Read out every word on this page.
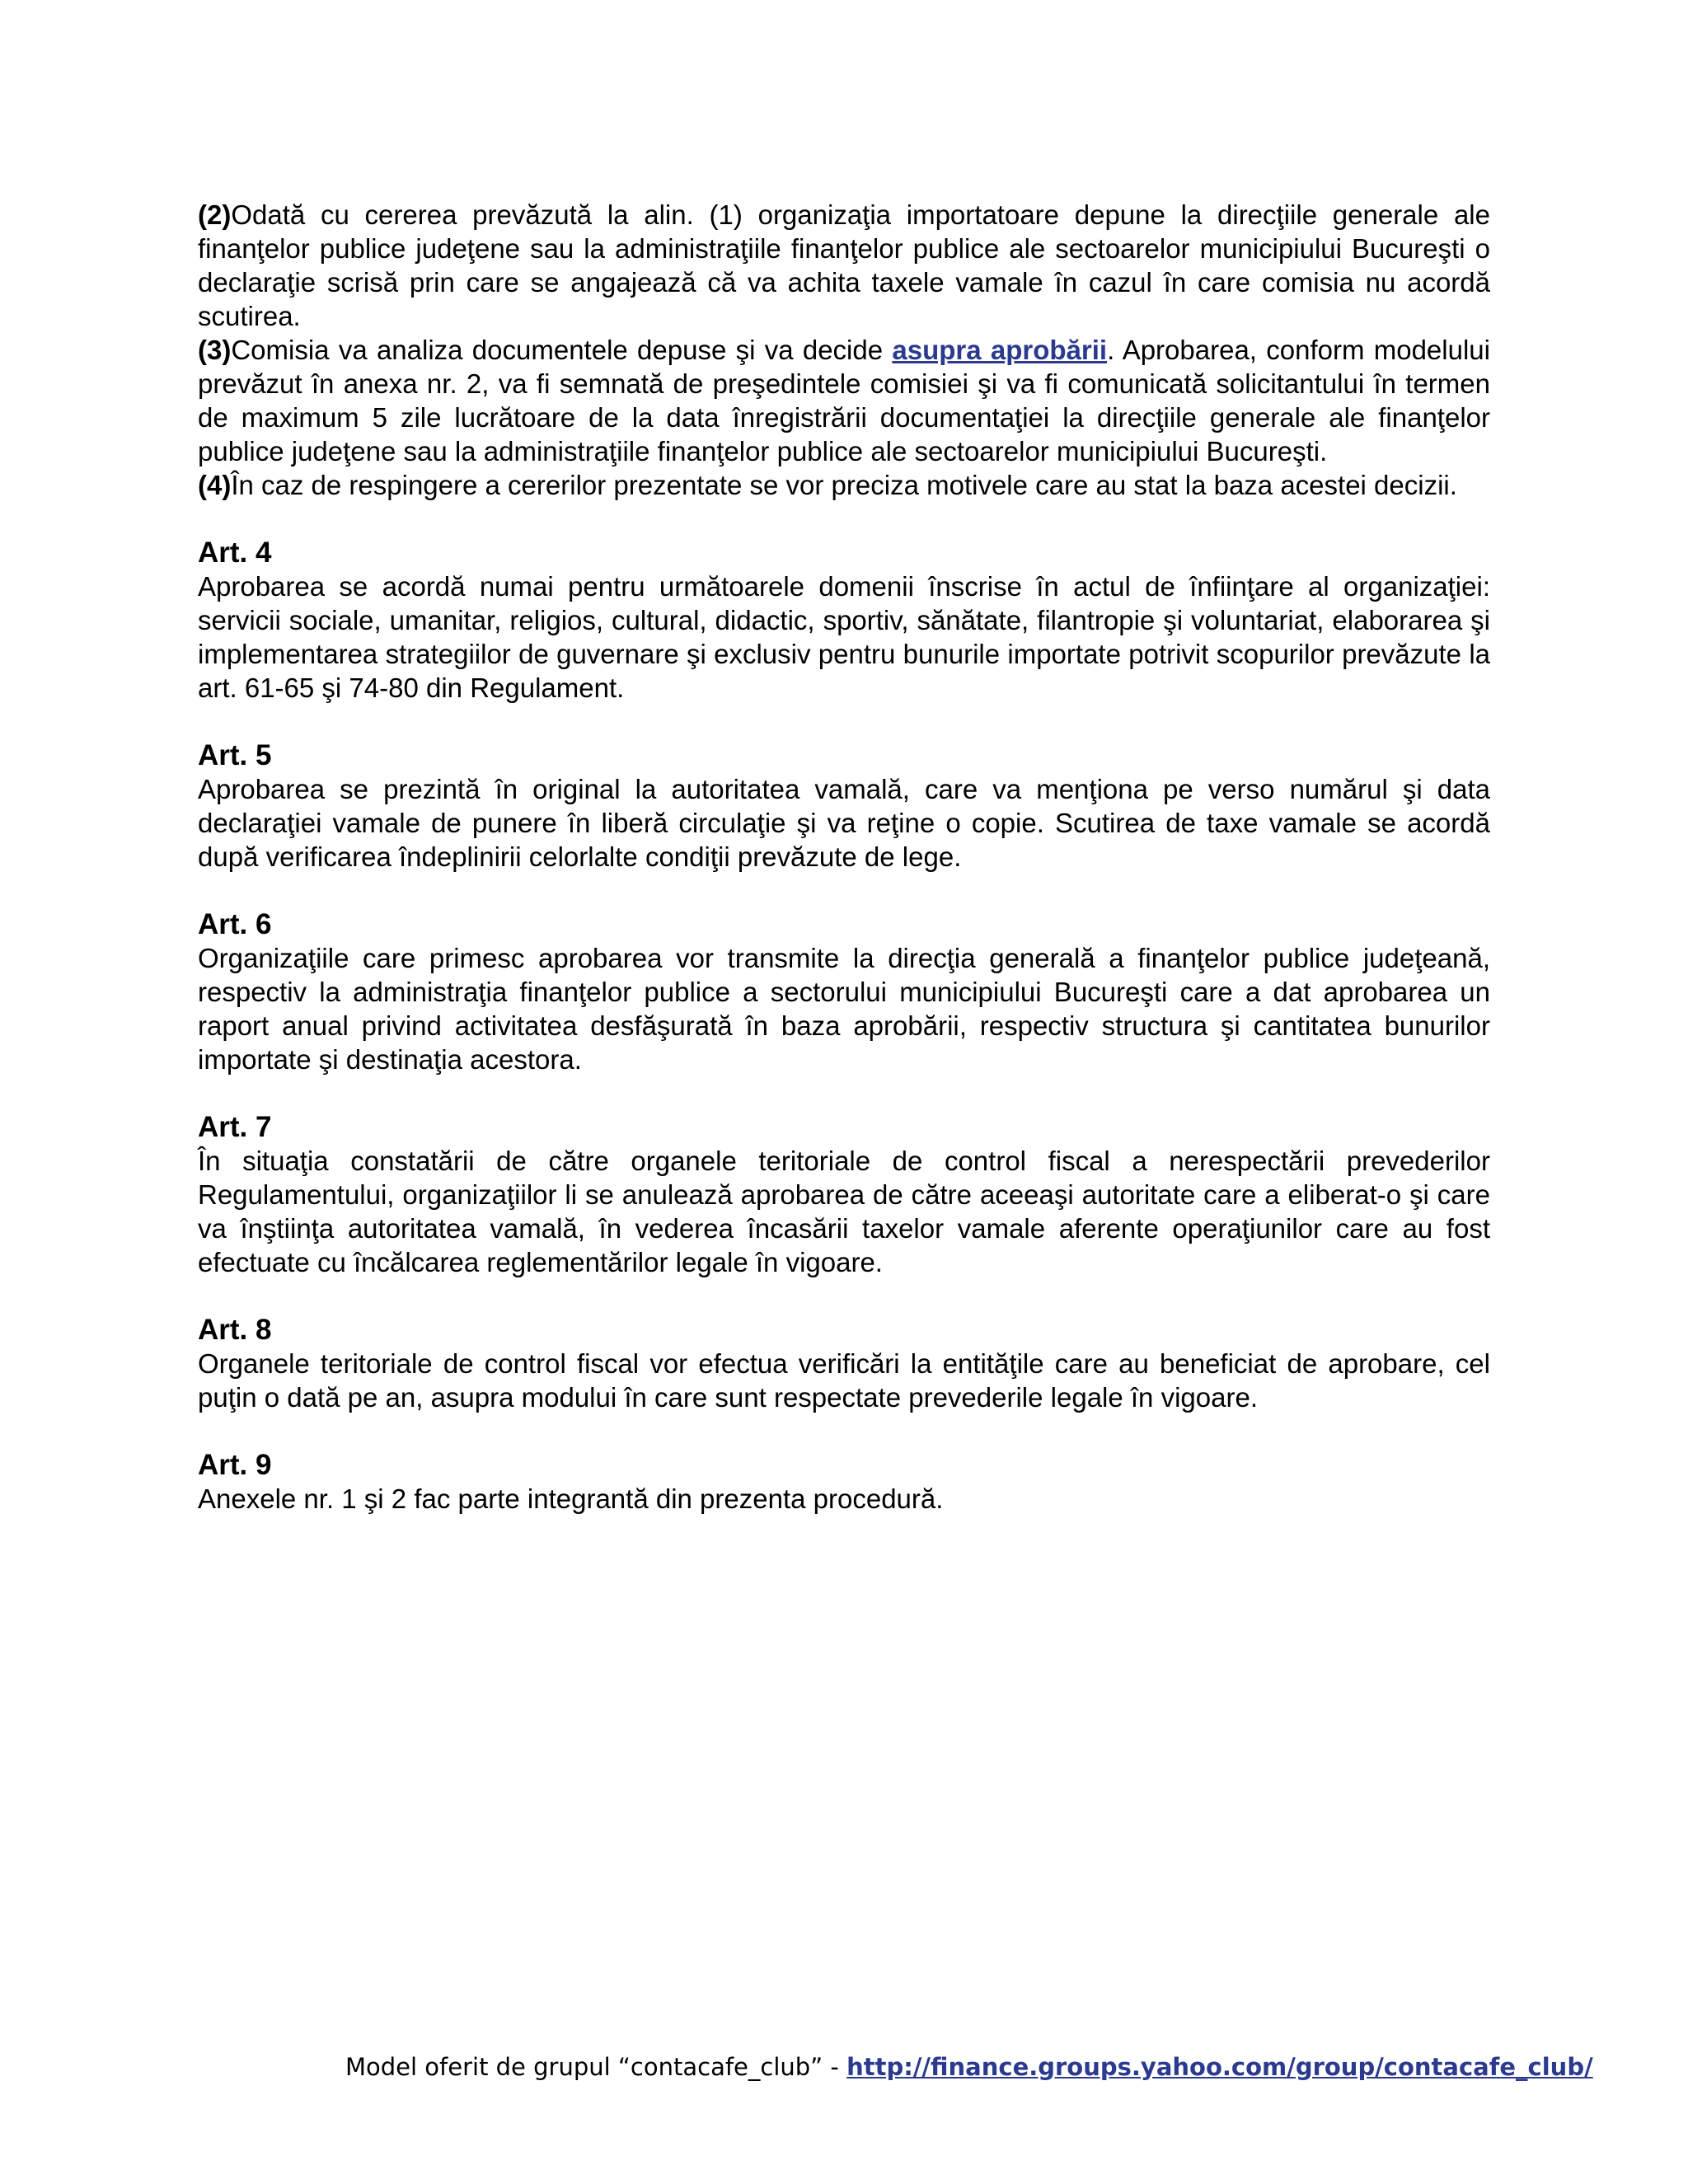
(2)Odată cu cererea prevăzută la alin. (1) organizaţia importatoare depune la direcţiile generale ale finanţelor publice judeţene sau la administraţiile finanţelor publice ale sectoarelor municipiului Bucureşti o declaraţie scrisă prin care se angajează că va achita taxele vamale în cazul în care comisia nu acordă scutirea.

(3)Comisia va analiza documentele depuse şi va decide asupra aprobării. Aprobarea, conform modelului prevăzut în anexa nr. 2, va fi semnată de preşedintele comisiei şi va fi comunicată solicitantului în termen de maximum 5 zile lucrătoare de la data înregistrării documentaţiei la direcţiile generale ale finanţelor publice judeţene sau la administraţiile finanţelor publice ale sectoarelor municipiului Bucureşti.

(4)În caz de respingere a cererilor prezentate se vor preciza motivele care au stat la baza acestei decizii.

Art. 4

Aprobarea se acordă numai pentru următoarele domenii înscrise în actul de înfiinţare al organizaţiei: servicii sociale, umanitar, religios, cultural, didactic, sportiv, sănătate, filantropie şi voluntariat, elaborarea şi implementarea strategiilor de guvernare şi exclusiv pentru bunurile importate potrivit scopurilor prevăzute la art. 61-65 şi 74-80 din Regulament.

Art. 5

Aprobarea se prezintă în original la autoritatea vamală, care va menţiona pe verso numărul şi data declaraţiei vamale de punere în liberă circulaţie şi va reţine o copie. Scutirea de taxe vamale se acordă după verificarea îndeplinirii celorlalte condiţii prevăzute de lege.

Art. 6

Organizaţiile care primesc aprobarea vor transmite la direcţia generală a finanţelor publice judeţeană, respectiv la administraţia finanţelor publice a sectorului municipiului Bucureşti care a dat aprobarea un raport anual privind activitatea desfăşurată în baza aprobării, respectiv structura şi cantitatea bunurilor importate şi destinaţia acestora.

Art. 7

În situaţia constatării de către organele teritoriale de control fiscal a nerespectării prevederilor Regulamentului, organizaţiilor li se anulează aprobarea de către aceeaşi autoritate care a eliberat-o şi care va înştiinţa autoritatea vamală, în vederea încasării taxelor vamale aferente operaţiunilor care au fost efectuate cu încălcarea reglementărilor legale în vigoare.

Art. 8

Organele teritoriale de control fiscal vor efectua verificări la entităţile care au beneficiat de aprobare, cel puţin o dată pe an, asupra modului în care sunt respectate prevederile legale în vigoare.

Art. 9

Anexele nr. 1 şi 2 fac parte integrantă din prezenta procedură.

Model oferit de grupul “contacafe_club” - http://finance.groups.yahoo.com/group/contacafe_club/
